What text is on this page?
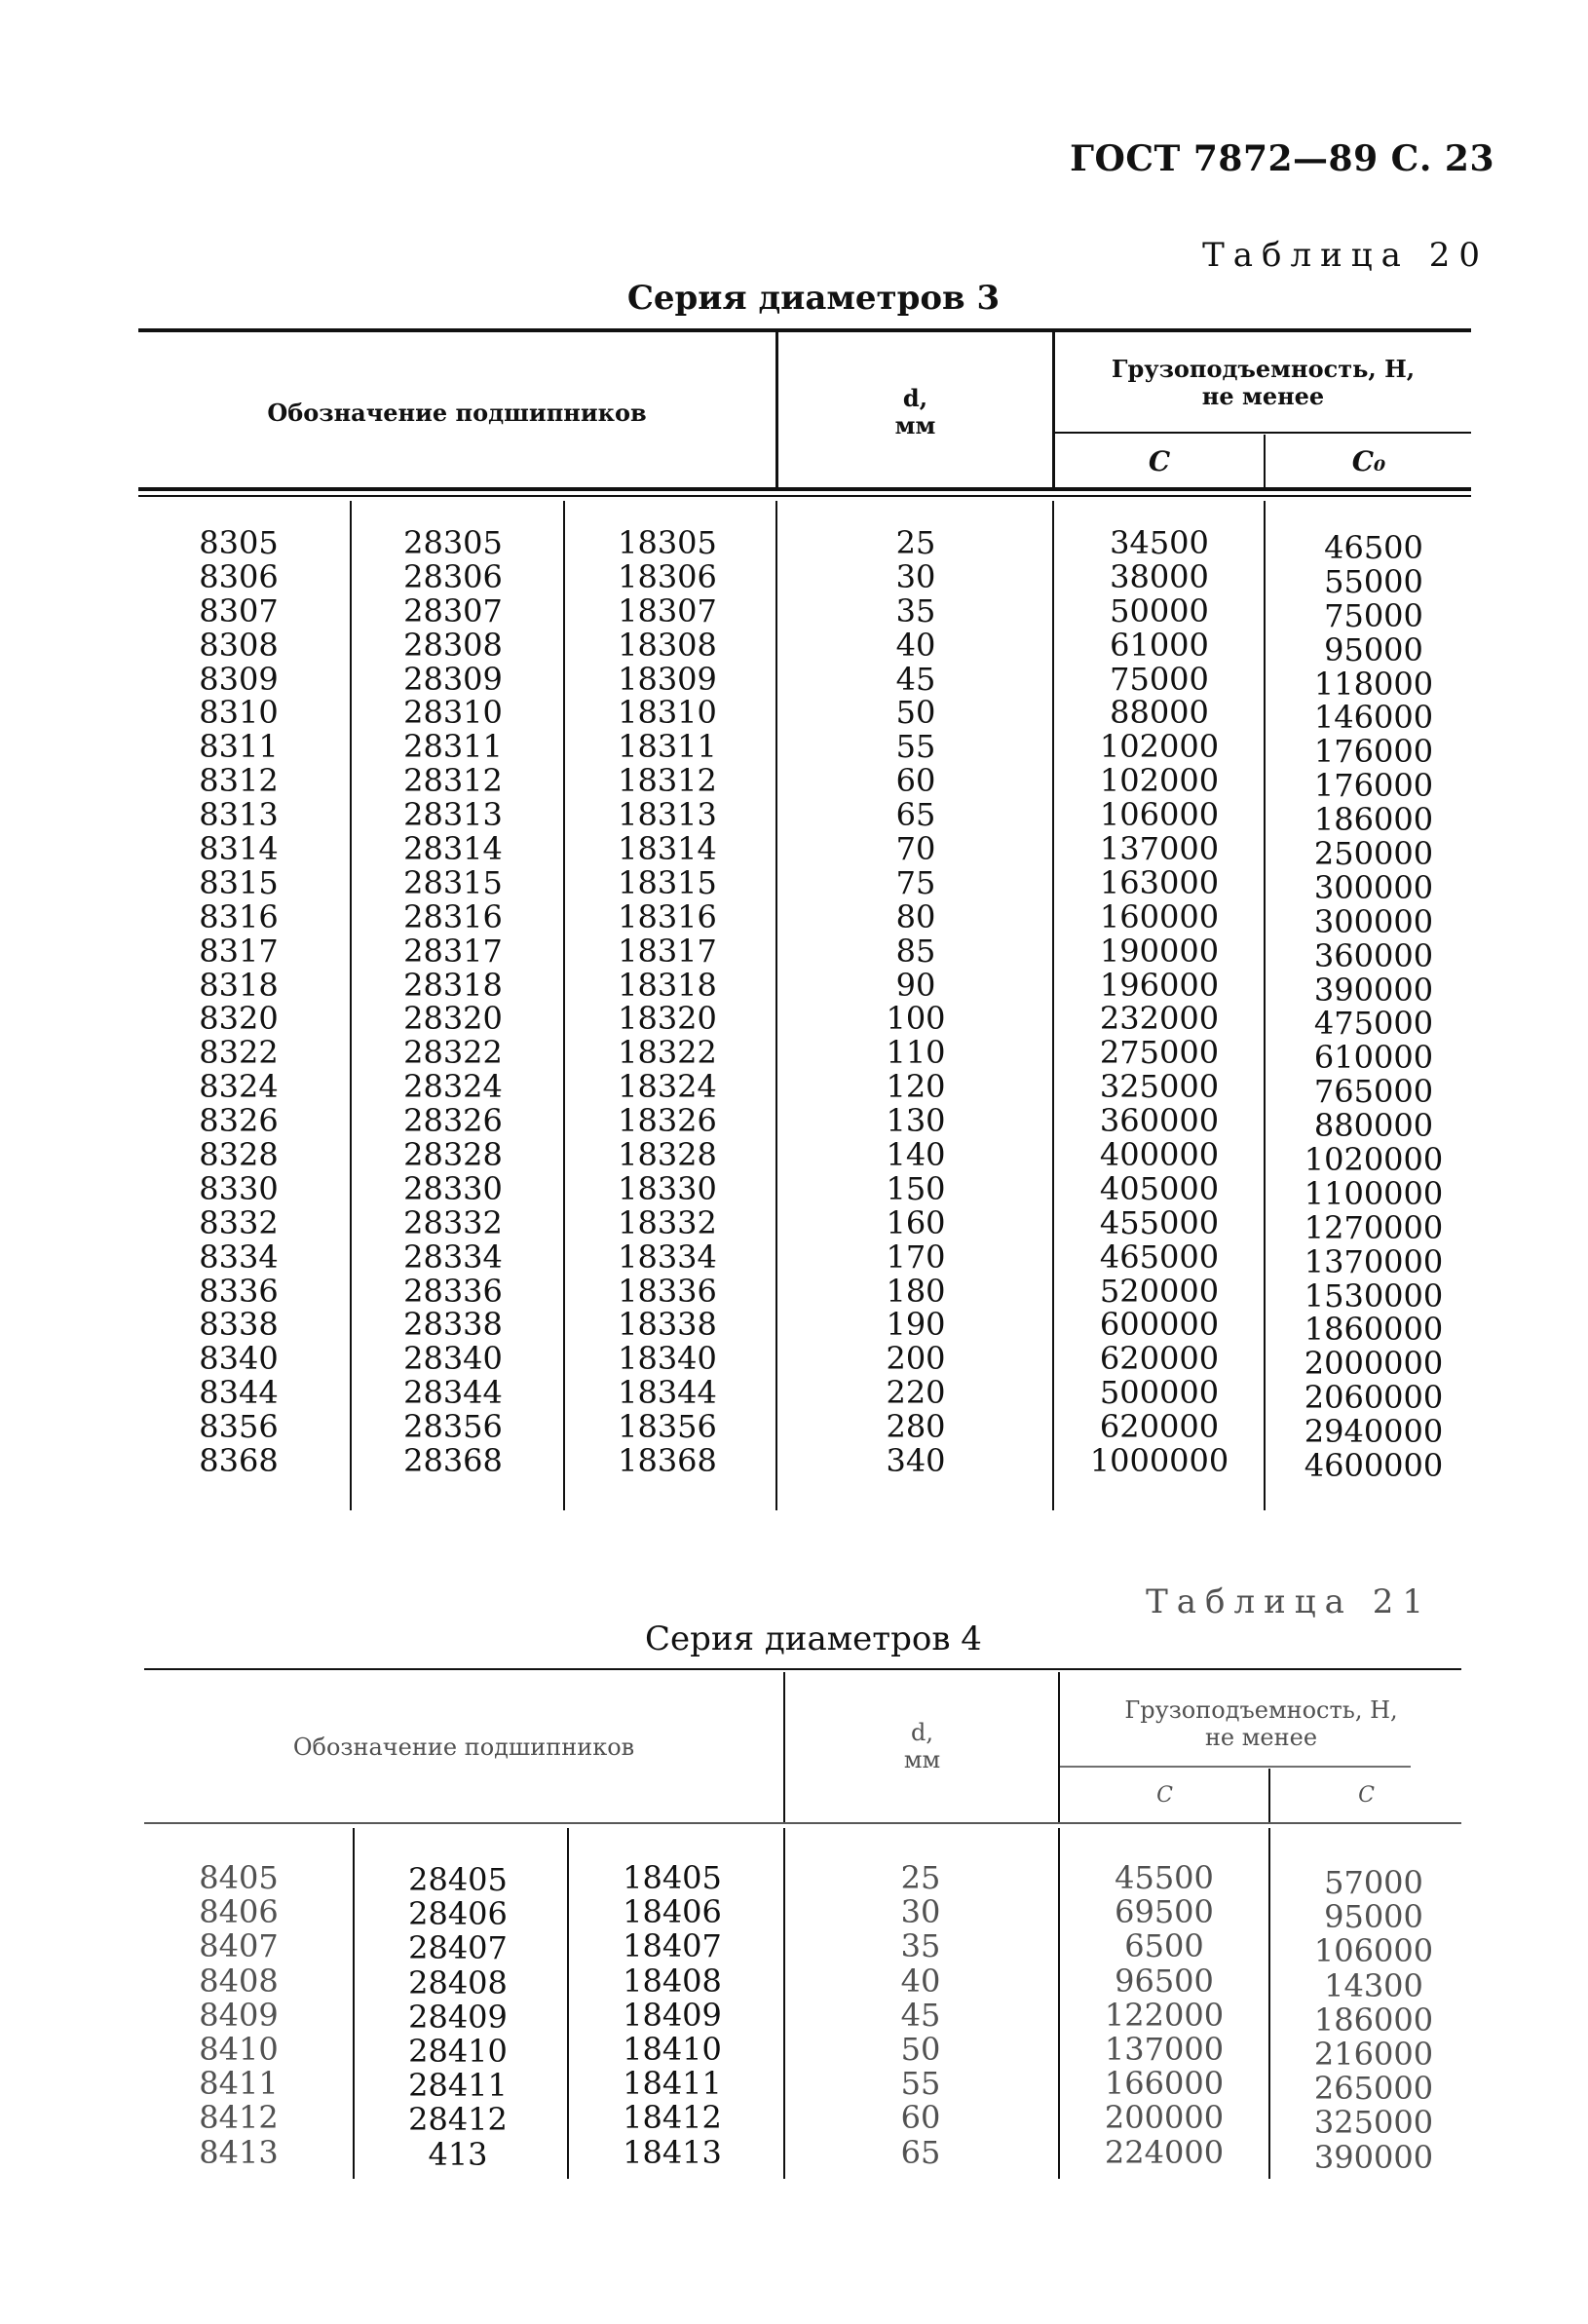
ГОСТ 7872—89 С. 23
Таблица 20
Серия диаметров 3
Обозначение подшипников
d,
мм
Грузоподъемность, Н,
не менее
C	C₀
8305
8306
8307
8308
8309
8310
8311
8312
8313
8314
8315
8316
8317
8318
8320
8322
8324
8326
8328
8330
8332
8334
8336
8338
8340
8344
8356
8368
28305
28306
28307
28308
28309
28310
28311
28312
28313
28314
28315
28316
28317
28318
28320
28322
28324
28326
28328
28330
28332
28334
28336
28338
28340
28344
28356
28368
18305
18306
18307
18308
18309
18310
18311
18312
18313
18314
18315
18316
18317
18318
18320
18322
18324
18326
18328
18330
18332
18334
18336
18338
18340
18344
18356
18368
25
30
35
40
45
50
55
60
65
70
75
80
85
90
100
110
120
130
140
150
160
170
180
190
200
220
280
340
34500
38000
50000
61000
75000
88000
102000
102000
106000
137000
163000
160000
190000
196000
232000
275000
325000
360000
400000
405000
455000
465000
520000
600000
620000
500000
620000
1000000
46500
55000
75000
95000
118000
146000
176000
176000
186000
250000
300000
300000
360000
390000
475000
610000
765000
880000
1020000
1100000
1270000
1370000
1530000
1860000
2000000
2060000
2940000
4600000
Таблица 21
Серия диаметров 4
Обозначение подшипников
d,
мм
Грузоподъемность, Н,
не менее
C	C
8405
8406
8407
8408
8409
8410
8411
8412
8413
28405
28406
28407
28408
28409
28410
28411
28412
413
18405
18406
18407
18408
18409
18410
18411
18412
18413
25
30
35
40
45
50
55
60
65
45500
69500
6500
96500
122000
137000
166000
200000
224000
57000
95000
106000
14300
186000
216000
265000
325000
390000
